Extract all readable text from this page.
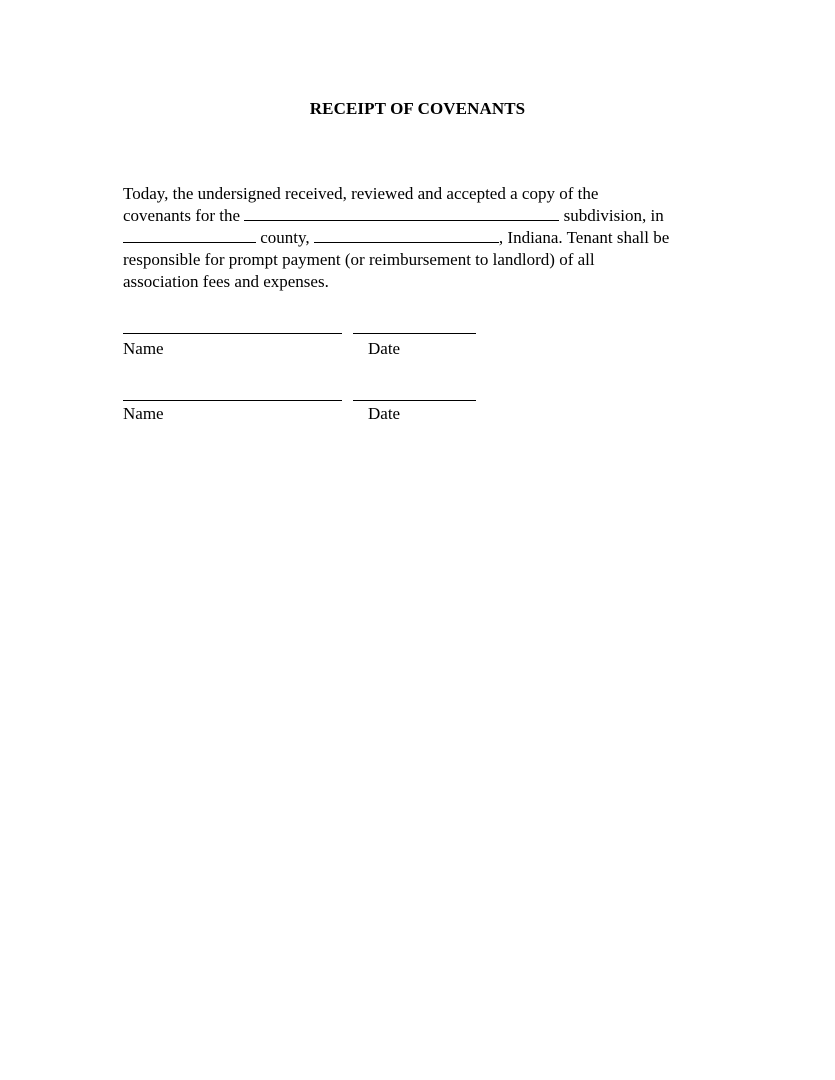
RECEIPT OF COVENANTS
Today, the undersigned received, reviewed and accepted a copy of the
covenants for the	subdivision, in
county,	, Indiana. Tenant shall be
responsible for prompt payment (or reimbursement to landlord) of all
association fees and expenses.
Name	Date
Name	Date
